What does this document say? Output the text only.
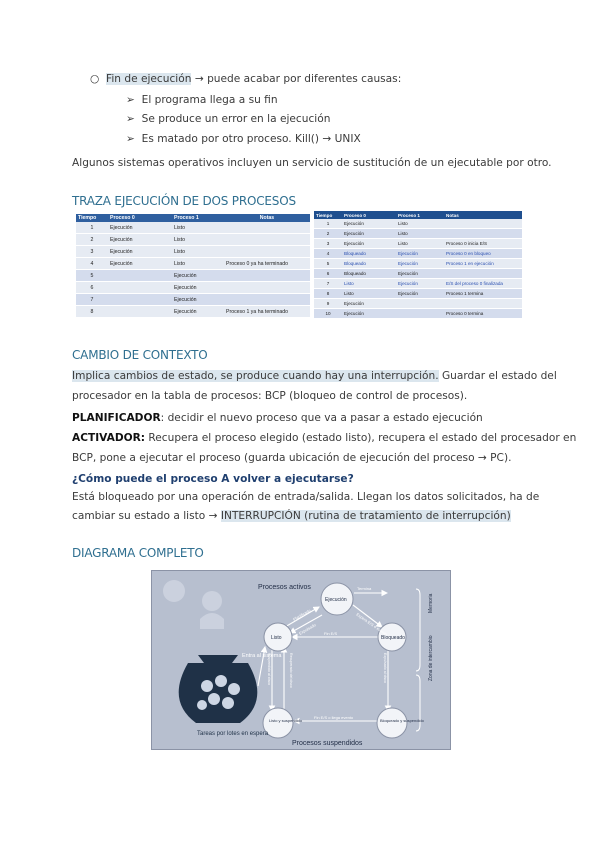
○ Fin de ejecución → puede acabar por diferentes causas:
➢ El programa llega a su fin
➢ Se produce un error en la ejecución
➢ Es matado por otro proceso. Kill() → UNIX
Algunos sistemas operativos incluyen un servicio de sustitución de un ejecutable por otro.
TRAZA EJECUCIÓN DE DOS PROCESOS
Tiempo	Proceso 0	Proceso 1	Notas
1	Ejecución	Listo	
2	Ejecución	Listo	
3	Ejecución	Listo	
4	Ejecución	Listo	Proceso 0 ya ha terminado
5		Ejecución	
6		Ejecución	
7		Ejecución	
8		Ejecución	Proceso 1 ya ha terminado
Tiempo	Proceso 0	Proceso 1	Notas
1	Ejecución	Listo	
2	Ejecución	Listo	
3	Ejecución	Listo	Proceso 0 inicia E/S
4	Bloqueado	Ejecución	Proceso 0 en bloqueo
5	Bloqueado	Ejecución	Proceso 1 en ejecución
6	Bloqueado	Ejecución	
7	Listo	Ejecución	E/S del proceso 0 finalizada
8	Listo	Ejecución	Proceso 1 termina
9	Ejecución		
10	Ejecución		Proceso 0 termina
CAMBIO DE CONTEXTO
Implica cambios de estado, se produce cuando hay una interrupción. Guardar el estado del
procesador en la tabla de procesos: BCP (bloqueo de control de procesos).
PLANIFICADOR: decidir el nuevo proceso que va a pasar a estado ejecución
ACTIVADOR: Recupera el proceso elegido (estado listo), recupera el estado del procesador en
BCP, pone a ejecutar el proceso (guarda ubicación de ejecución del proceso → PC).
¿Cómo puede el proceso A volver a ejecutarse?
Está bloqueado por una operación de entrada/salida. Llegan los datos solicitados, ha de
cambiar su estado a listo → INTERRUPCIÓN (rutina de tratamiento de interrupción)
DIAGRAMA COMPLETO
Procesos activos
Ejecución
Listo	Bloqueado
Listo y suspendido	Bloqueado y suspendido
Procesos suspendidos
Termina
Fin E/S
Fin E/S o llega evento
Espera E/S o evento
Planificado
Expulsado
Entra al sistema
Suspendido al disco	Recuperado del disco	Expulsado al disco
Tareas por lotes en espera
Memoria
Zona de intercambio
